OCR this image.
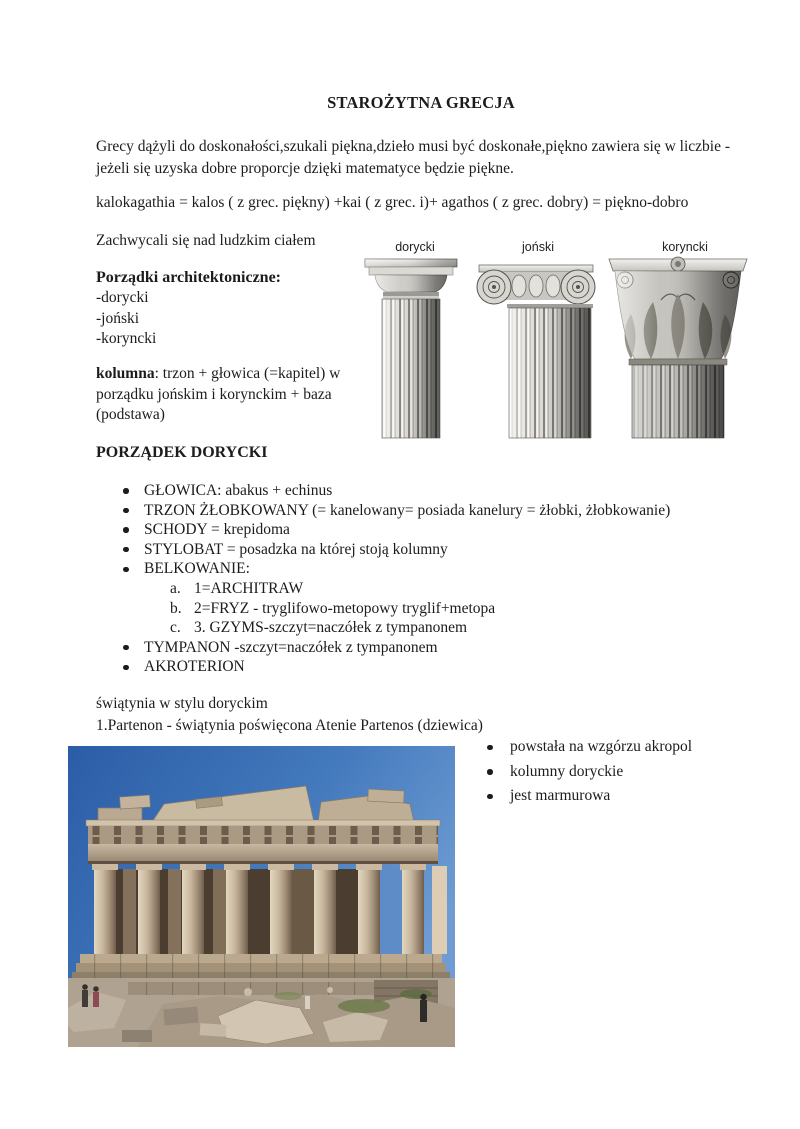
STAROŻYTNA GRECJA
Grecy dążyli do doskonałości,szukali piękna,dzieło musi być doskonałe,piękno zawiera się w liczbie - jeżeli się uzyska dobre proporcje dzięki matematyce będzie piękne.
kalokagathia = kalos ( z grec. piękny) +kai ( z grec. i)+ agathos ( z grec. dobry) = piękno-dobro
Zachwycali się nad ludzkim ciałem
Porządki architektoniczne:
-dorycki
-joński
-koryncki
kolumna: trzon + głowica (=kapitel) w porządku jońskim i korynckim + baza (podstawa)
dorycki	joński	koryncki
PORZĄDEK DORYCKI
GŁOWICA: abakus + echinus
TRZON ŻŁOBKOWANY (= kanelowany= posiada kanelury = żłobki, żłobkowanie)
SCHODY = krepidoma
STYLOBAT = posadzka na której stoją kolumny
BELKOWANIE:
a. 1=ARCHITRAW
b. 2=FRYZ - tryglifowo-metopowy tryglif+metopa
c. 3. GZYMS-szczyt=naczółek z tympanonem
TYMPANON -szczyt=naczółek z tympanonem
AKROTERION
świątynia w stylu doryckim
1.Partenon - świątynia poświęcona Atenie Partenos (dziewica)
powstała na wzgórzu akropol
kolumny doryckie
jest marmurowa
